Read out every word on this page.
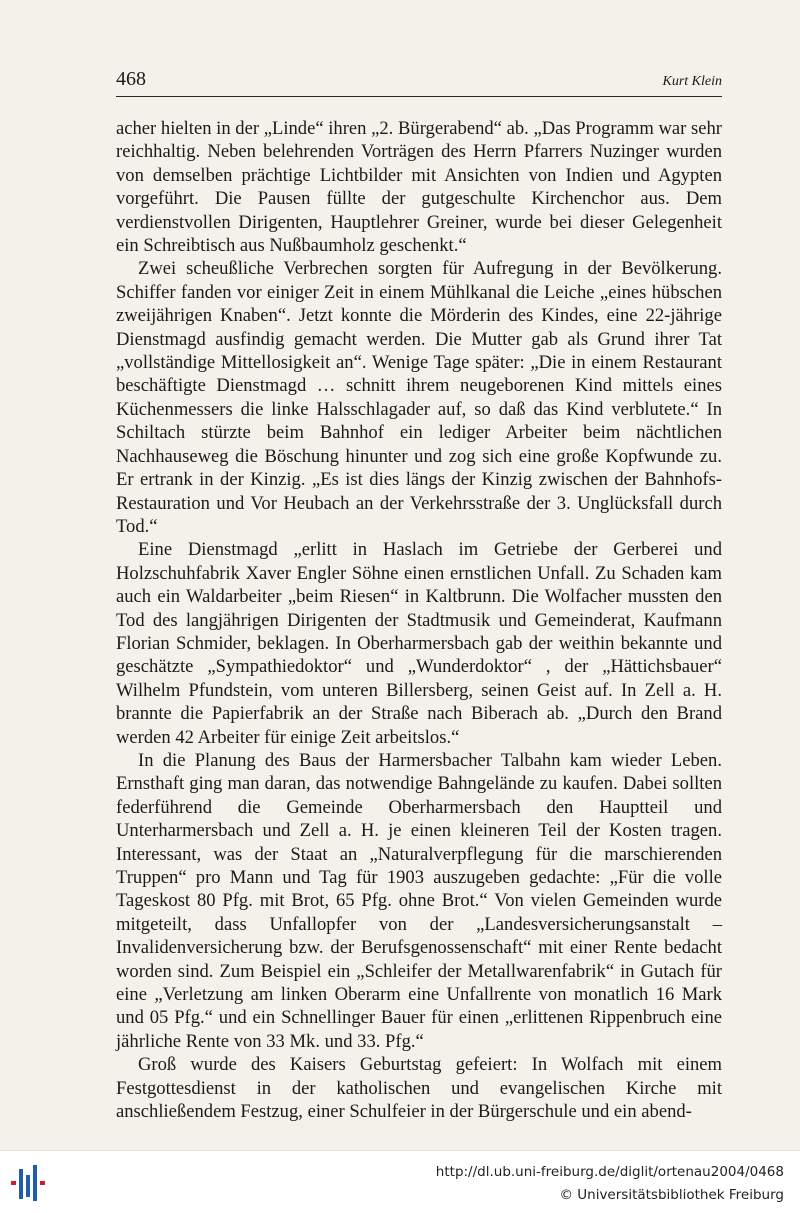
468	Kurt Klein

acher hielten in der „Linde“ ihren „2. Bürgerabend“ ab. „Das Programm war sehr reichhaltig. Neben belehrenden Vorträgen des Herrn Pfarrers Nuzinger wurden von demselben prächtige Lichtbilder mit Ansichten von Indien und Agypten vorgeführt. Die Pausen füllte der gutgeschulte Kirchenchor aus. Dem verdienstvollen Dirigenten, Hauptlehrer Greiner, wurde bei dieser Gelegenheit ein Schreibtisch aus Nußbaumholz geschenkt.“

Zwei scheußliche Verbrechen sorgten für Aufregung in der Bevölkerung. Schiffer fanden vor einiger Zeit in einem Mühlkanal die Leiche „eines hübschen zweijährigen Knaben“. Jetzt konnte die Mörderin des Kindes, eine 22-jährige Dienstmagd ausfindig gemacht werden. Die Mutter gab als Grund ihrer Tat „vollständige Mittellosigkeit an“. Wenige Tage später: „Die in einem Restaurant beschäftigte Dienstmagd … schnitt ihrem neugeborenen Kind mittels eines Küchenmessers die linke Halsschlagader auf, so daß das Kind verblutete.“ In Schiltach stürzte beim Bahnhof ein lediger Arbeiter beim nächtlichen Nachhauseweg die Böschung hinunter und zog sich eine große Kopfwunde zu. Er ertrank in der Kinzig. „Es ist dies längs der Kinzig zwischen der Bahnhofs-Restauration und Vor Heubach an der Verkehrsstraße der 3. Unglücksfall durch Tod.“

Eine Dienstmagd „erlitt in Haslach im Getriebe der Gerberei und Holzschuhfabrik Xaver Engler Söhne einen ernstlichen Unfall. Zu Schaden kam auch ein Waldarbeiter „beim Riesen“ in Kaltbrunn. Die Wolfacher mussten den Tod des langjährigen Dirigenten der Stadtmusik und Gemeinderat, Kaufmann Florian Schmider, beklagen. In Oberharmersbach gab der weithin bekannte und geschätzte „Sympathiedoktor“ und „Wunderdoktor“ , der „Hättichsbauer“ Wilhelm Pfundstein, vom unteren Billersberg, seinen Geist auf. In Zell a. H. brannte die Papierfabrik an der Straße nach Biberach ab. „Durch den Brand werden 42 Arbeiter für einige Zeit arbeitslos.“

In die Planung des Baus der Harmersbacher Talbahn kam wieder Leben. Ernsthaft ging man daran, das notwendige Bahngelände zu kaufen. Dabei sollten federführend die Gemeinde Oberharmersbach den Hauptteil und Unterharmersbach und Zell a. H. je einen kleineren Teil der Kosten tragen. Interessant, was der Staat an „Naturalverpflegung für die marschierenden Truppen“ pro Mann und Tag für 1903 auszugeben gedachte: „Für die volle Tageskost 80 Pfg. mit Brot, 65 Pfg. ohne Brot.“ Von vielen Gemeinden wurde mitgeteilt, dass Unfallopfer von der „Landesversicherungsanstalt – Invalidenversicherung bzw. der Berufsgenossenschaft“ mit einer Rente bedacht worden sind. Zum Beispiel ein „Schleifer der Metallwarenfabrik“ in Gutach für eine „Verletzung am linken Oberarm eine Unfallrente von monatlich 16 Mark und 05 Pfg.“ und ein Schnellinger Bauer für einen „erlittenen Rippenbruch eine jährliche Rente von 33 Mk. und 33. Pfg.“

Groß wurde des Kaisers Geburtstag gefeiert: In Wolfach mit einem Festgottesdienst in der katholischen und evangelischen Kirche mit anschließendem Festzug, einer Schulfeier in der Bürgerschule und ein abend-

http://dl.ub.uni-freiburg.de/diglit/ortenau2004/0468
© Universitätsbibliothek Freiburg
